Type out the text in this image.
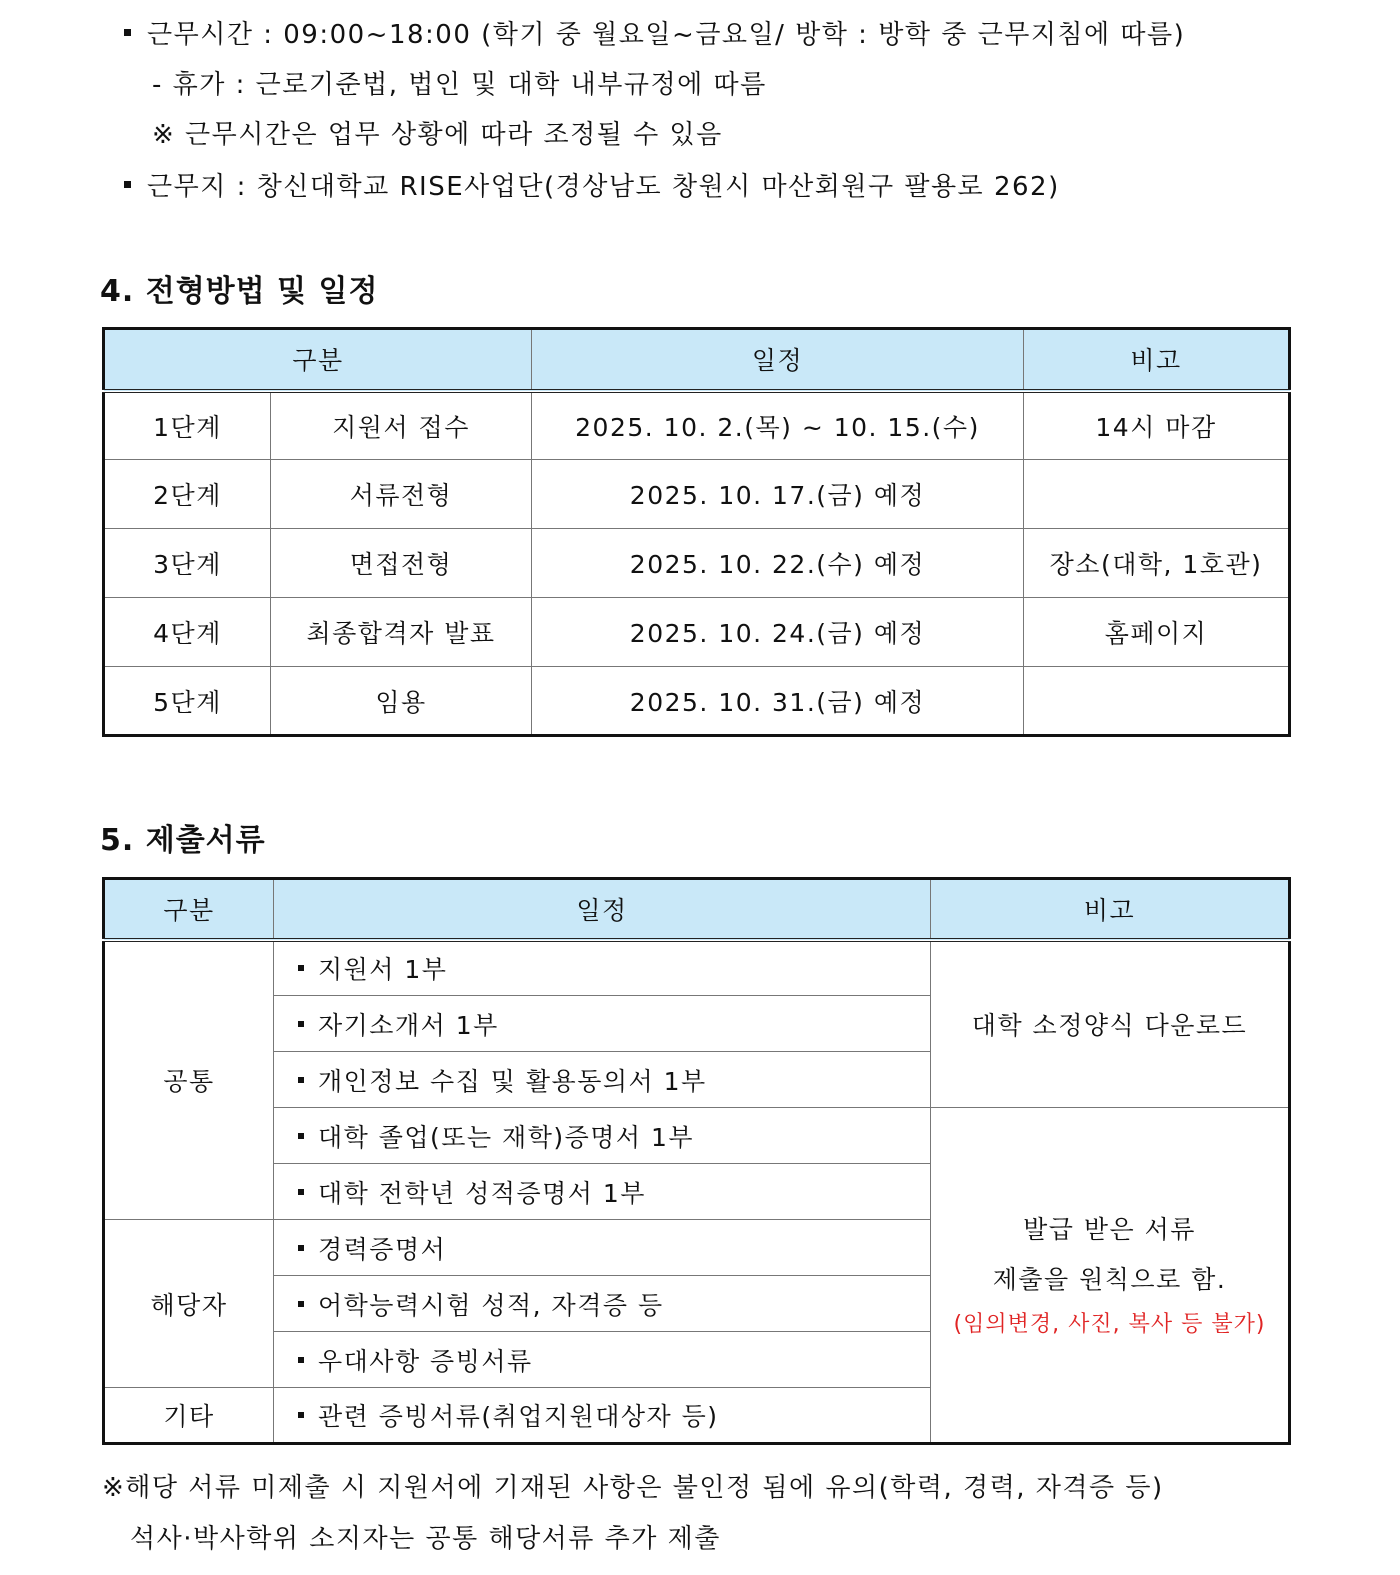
근무시간 : 09:00~18:00 (학기 중 월요일~금요일/ 방학 : 방학 중 근무지침에 따름)
- 휴가 : 근로기준법, 법인 및 대학 내부규정에 따름
※ 근무시간은 업무 상황에 따라 조정될 수 있음
근무지 : 창신대학교 RISE사업단(경상남도 창원시 마산회원구 팔용로 262)
4. 전형방법 및 일정
구분		일정	비고
1단계	지원서 접수	2025. 10. 2.(목) ~ 10. 15.(수)	14시 마감
2단계	서류전형	2025. 10. 17.(금) 예정	
3단계	면접전형	2025. 10. 22.(수) 예정	장소(대학, 1호관)
4단계	최종합격자 발표	2025. 10. 24.(금) 예정	홈페이지
5단계	임용	2025. 10. 31.(금) 예정	
5. 제출서류
구분	일정	비고
공통	지원서 1부	대학 소정양식 다운로드
	자기소개서 1부	
	개인정보 수집 및 활용동의서 1부	
	대학 졸업(또는 재학)증명서 1부	발급 받은 서류
제출을 원칙으로 함.
(임의변경, 사진, 복사 등 불가)

	대학 전학년 성적증명서 1부	
해당자	경력증명서	
	어학능력시험 성적, 자격증 등	
	우대사항 증빙서류	
기타	관련 증빙서류(취업지원대상자 등)	
※해당 서류 미제출 시 지원서에 기재된 사항은 불인정 됨에 유의(학력, 경력, 자격증 등)
석사·박사학위 소지자는 공통 해당서류 추가 제출
